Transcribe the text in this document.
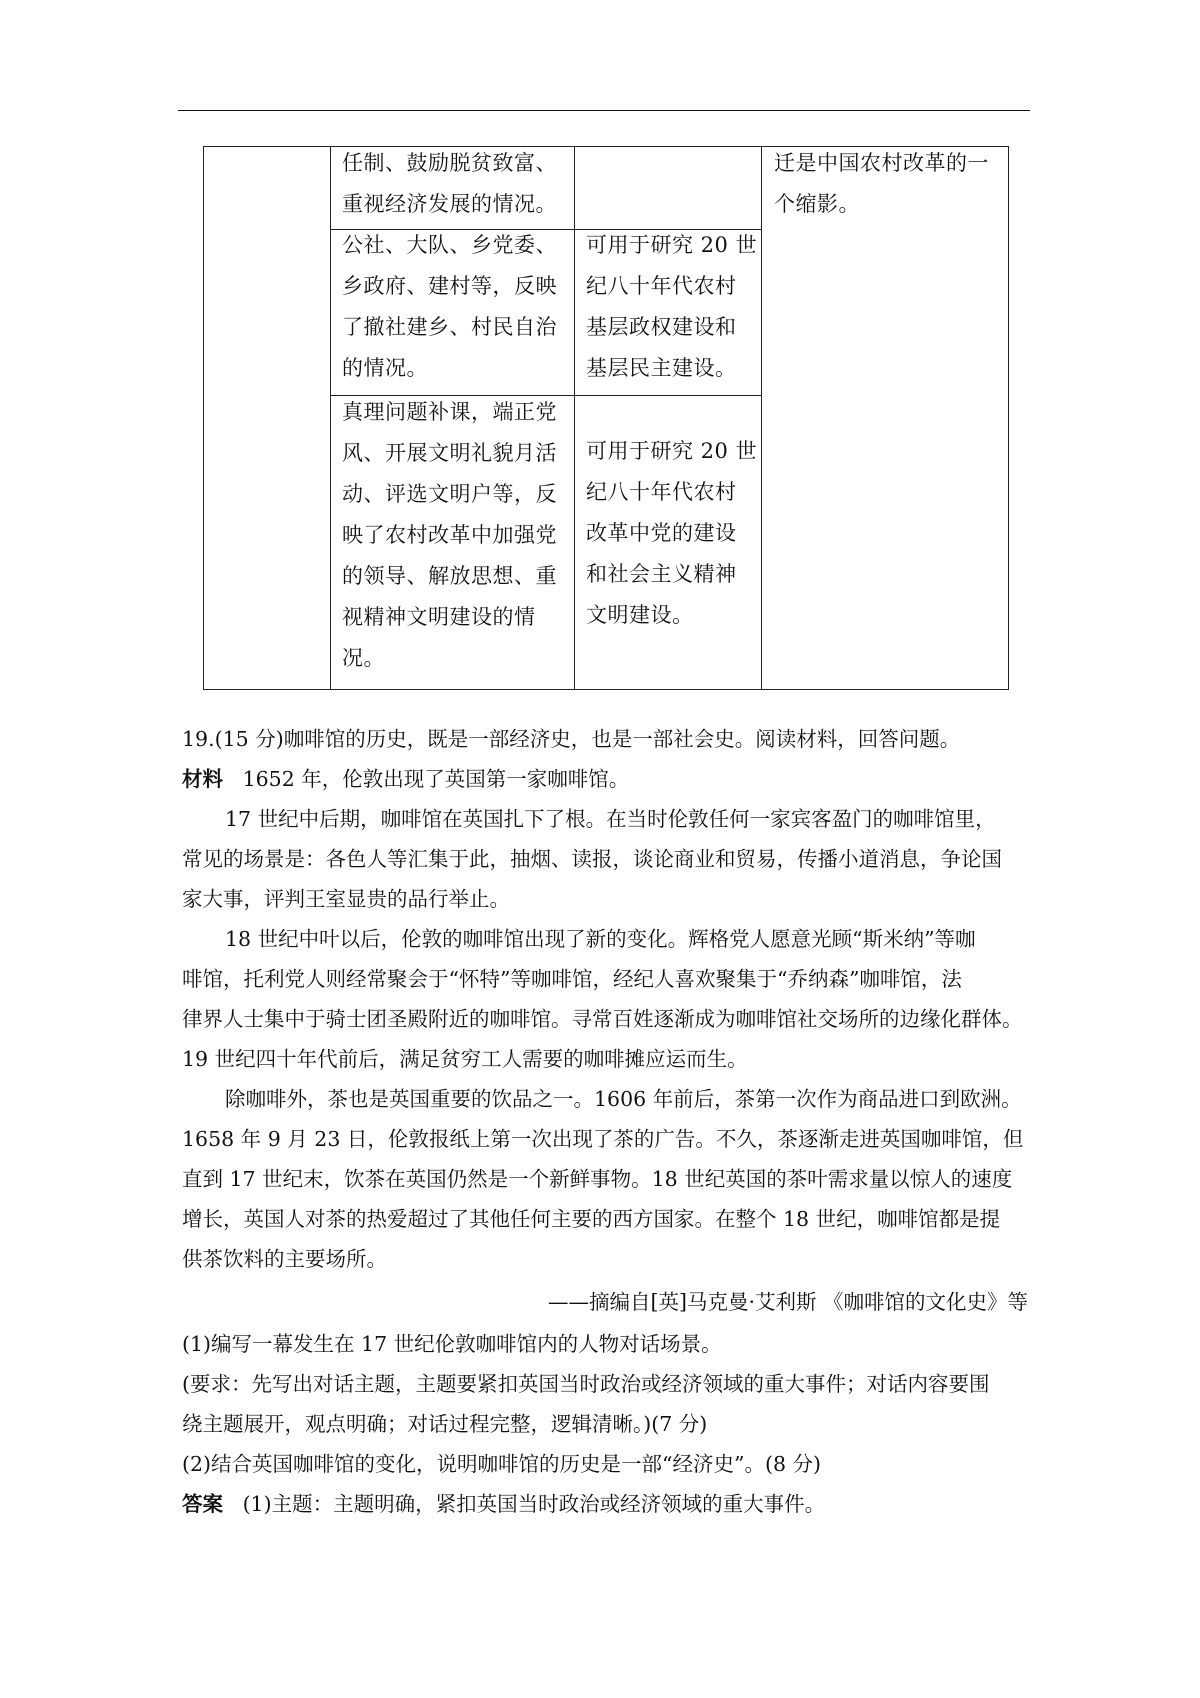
任制、鼓励脱贫致富、
重视经济发展的情况。
公社、大队、乡党委、
乡政府、建村等，反映
了撤社建乡、村民自治
的情况。
可用于研究 20 世
纪八十年代农村
基层政权建设和
基层民主建设。
真理问题补课，端正党
风、开展文明礼貌月活
动、评选文明户等，反
映了农村改革中加强党
的领导、解放思想、重
视精神文明建设的情
况。
可用于研究 20 世
纪八十年代农村
改革中党的建设
和社会主义精神
文明建设。
迁是中国农村改革的一
个缩影。
19.(15 分)咖啡馆的历史，既是一部经济史，也是一部社会史。阅读材料，回答问题。
材料 1652 年，伦敦出现了英国第一家咖啡馆。
17 世纪中后期，咖啡馆在英国扎下了根。在当时伦敦任何一家宾客盈门的咖啡馆里，
常见的场景是：各色人等汇集于此，抽烟、读报，谈论商业和贸易，传播小道消息，争论国
家大事，评判王室显贵的品行举止。
18 世纪中叶以后，伦敦的咖啡馆出现了新的变化。辉格党人愿意光顾“斯米纳”等咖
啡馆，托利党人则经常聚会于“怀特”等咖啡馆，经纪人喜欢聚集于“乔纳森”咖啡馆，法
律界人士集中于骑士团圣殿附近的咖啡馆。寻常百姓逐渐成为咖啡馆社交场所的边缘化群体。
19 世纪四十年代前后，满足贫穷工人需要的咖啡摊应运而生。
除咖啡外，茶也是英国重要的饮品之一。1606 年前后，茶第一次作为商品进口到欧洲。
1658 年 9 月 23 日，伦敦报纸上第一次出现了茶的广告。不久，茶逐渐走进英国咖啡馆，但
直到 17 世纪末，饮茶在英国仍然是一个新鲜事物。18 世纪英国的茶叶需求量以惊人的速度
增长，英国人对茶的热爱超过了其他任何主要的西方国家。在整个 18 世纪，咖啡馆都是提
供茶饮料的主要场所。
——摘编自[英]马克曼·艾利斯 《咖啡馆的文化史》等
(1)编写一幕发生在 17 世纪伦敦咖啡馆内的人物对话场景。
(要求：先写出对话主题，主题要紧扣英国当时政治或经济领域的重大事件；对话内容要围
绕主题展开，观点明确；对话过程完整，逻辑清晰。)(7 分)
(2)结合英国咖啡馆的变化，说明咖啡馆的历史是一部“经济史”。(8 分)
答案 (1)主题：主题明确，紧扣英国当时政治或经济领域的重大事件。
